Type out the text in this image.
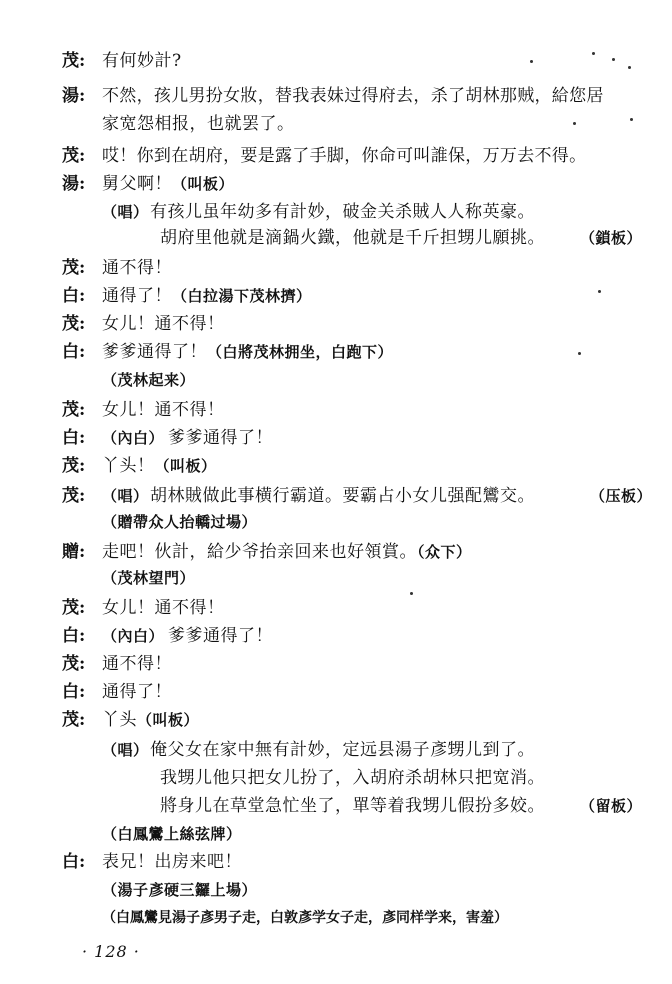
茂: 有何妙計?
湯: 不然，孩儿男扮女妝，替我表妹过得府去，杀了胡林那贼，給您居
家宽怨相报，也就罢了。
茂: 哎！你到在胡府，要是露了手脚，你命可叫誰保，万万去不得。
湯: 舅父啊！（叫板）
（唱） 有孩儿虽年幼多有計妙，破金关杀賊人人称英豪。
胡府里他就是滴鍋火鐵，他就是千斤担甥儿願挑。 （鎖板）
茂: 通不得！
白: 通得了！（白拉湯下茂林擠）
茂: 女儿！通不得！
白: 爹爹通得了！（白將茂林拥坐，白跑下）
（茂林起来）
茂: 女儿！通不得！
白: （內白） 爹爹通得了！
茂: 丫头！（叫板）
茂: （唱） 胡林賊做此事横行霸道。要霸占小女儿强配鸞交。	（压板）
（贈帶众人抬轎过場）
贈: 走吧！伙計，給少爷抬亲回来也好領賞。（众下）
（茂林望門）
茂: 女儿！通不得！
白: （內白） 爹爹通得了！
茂: 通不得！
白: 通得了！
茂: 丫头（叫板）
（唱） 俺父女在家中無有計妙，定远县湯子彥甥儿到了。
我甥儿他只把女儿扮了，入胡府杀胡林只把宽消。
將身儿在草堂急忙坐了，單等着我甥儿假扮多姣。 （留板）
（白鳳鸞上絲弦牌）
白: 表兄！出房来吧！
（湯子彥硬三鑼上場）
（白鳳鸞見湯子彥男子走，白敦彥学女子走，彥同样学来，害羞）
· 128 ·
